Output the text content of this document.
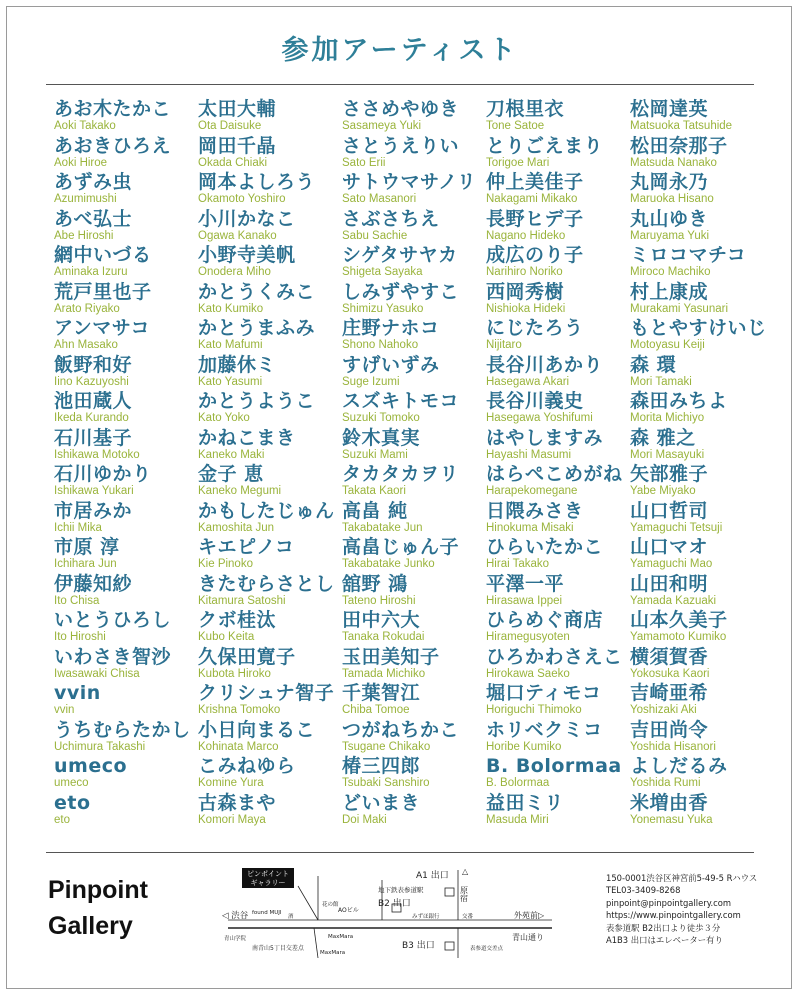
参加アーティスト
あお木たかこ
Aoki Takako
あおきひろえ
Aoki Hiroe
あずみ虫
Azumimushi
あべ弘士
Abe Hiroshi
網中いづる
Aminaka Izuru
荒戸里也子
Arato Riyako
アンマサコ
Ahn Masako
飯野和好
Iino Kazuyoshi
池田蔵人
Ikeda Kurando
石川基子
Ishikawa Motoko
石川ゆかり
Ishikawa Yukari
市居みか
Ichii Mika
市原 淳
Ichihara Jun
伊藤知紗
Ito Chisa
いとうひろし
Ito Hiroshi
いわさき智沙
Iwasawaki Chisa
vvin
vvin
うちむらたかし
Uchimura Takashi
umeco
umeco
eto
eto
太田大輔
Ota Daisuke
岡田千晶
Okada Chiaki
岡本よしろう
Okamoto Yoshiro
小川かなこ
Ogawa Kanako
小野寺美帆
Onodera Miho
かとうくみこ
Kato Kumiko
かとうまふみ
Kato Mafumi
加藤休ミ
Kato Yasumi
かとうようこ
Kato Yoko
かねこまき
Kaneko Maki
金子 恵
Kaneko Megumi
かもしたじゅん
Kamoshita Jun
キエピノコ
Kie Pinoko
きたむらさとし
Kitamura Satoshi
クボ桂汰
Kubo Keita
久保田寛子
Kubota Hiroko
クリシュナ智子
Krishna Tomoko
小日向まるこ
Kohinata Marco
こみねゆら
Komine Yura
古森まや
Komori Maya
ささめやゆき
Sasameya Yuki
さとうえりい
Sato Erii
サトウマサノリ
Sato Masanori
さぶさちえ
Sabu Sachie
シゲタサヤカ
Shigeta Sayaka
しみずやすこ
Shimizu Yasuko
庄野ナホコ
Shono Nahoko
すげいずみ
Suge Izumi
スズキトモコ
Suzuki Tomoko
鈴木真実
Suzuki Mami
タカタカヲリ
Takata Kaori
高畠 純
Takabatake Jun
高畠じゅん子
Takabatake Junko
舘野 鴻
Tateno Hiroshi
田中六大
Tanaka Rokudai
玉田美知子
Tamada Michiko
千葉智江
Chiba Tomoe
つがねちかこ
Tsugane Chikako
椿三四郎
Tsubaki Sanshiro
どいまき
Doi Maki
刀根里衣
Tone Satoe
とりごえまり
Torigoe Mari
仲上美佳子
Nakagami Mikako
長野ヒデ子
Nagano Hideko
成広のり子
Narihiro Noriko
西岡秀樹
Nishioka Hideki
にじたろう
Nijitaro
長谷川あかり
Hasegawa Akari
長谷川義史
Hasegawa Yoshifumi
はやしますみ
Hayashi Masumi
はらぺこめがね
Harapekomegane
日隈みさき
Hinokuma Misaki
ひらいたかこ
Hirai Takako
平澤一平
Hirasawa Ippei
ひらめぐ商店
Hiramegusyoten
ひろかわさえこ
Hirokawa Saeko
堀口ティモコ
Horiguchi Thimoko
ホリベクミコ
Horibe Kumiko
B. Bolormaa
B. Bolormaa
益田ミリ
Masuda Miri
松岡達英
Matsuoka Tatsuhide
松田奈那子
Matsuda Nanako
丸岡永乃
Maruoka Hisano
丸山ゆき
Maruyama Yuki
ミロコマチコ
Miroco Machiko
村上康成
Murakami Yasunari
もとやすけいじ
Motoyasu Keiji
森 環
Mori Tamaki
森田みちよ
Morita Michiyo
森 雅之
Mori Masayuki
矢部雅子
Yabe Miyako
山口哲司
Yamaguchi Tetsuji
山口マオ
Yamaguchi Mao
山田和明
Yamada Kazuaki
山本久美子
Yamamoto Kumiko
横須賀香
Yokosuka Kaori
吉崎亜希
Yoshizaki Aki
吉田尚令
Yoshida Hisanori
よしだるみ
Yoshida Rumi
米増由香
Yonemasu Yuka
Pinpoint
Gallery
ピンポイント
ギャラリー
A1 出口
地下鉄表参道駅
B2 出口
B3 出口
△
原宿
◁ 渋谷	外苑前▷
青山通り
found MUJI
花の館
酒
AOビル
みずほ銀行	交番
青山学院
南青山5丁目交差点
MaxMara
MaxMara
表参道交差点
150-0001渋谷区神宮前5-49-5 Rハウス
TEL03-3409-8268
pinpoint@pinpointgallery.com
https://www.pinpointgallery.com
表参道駅 B2出口より徒歩３分
A1B3 出口はエレベーター有り
